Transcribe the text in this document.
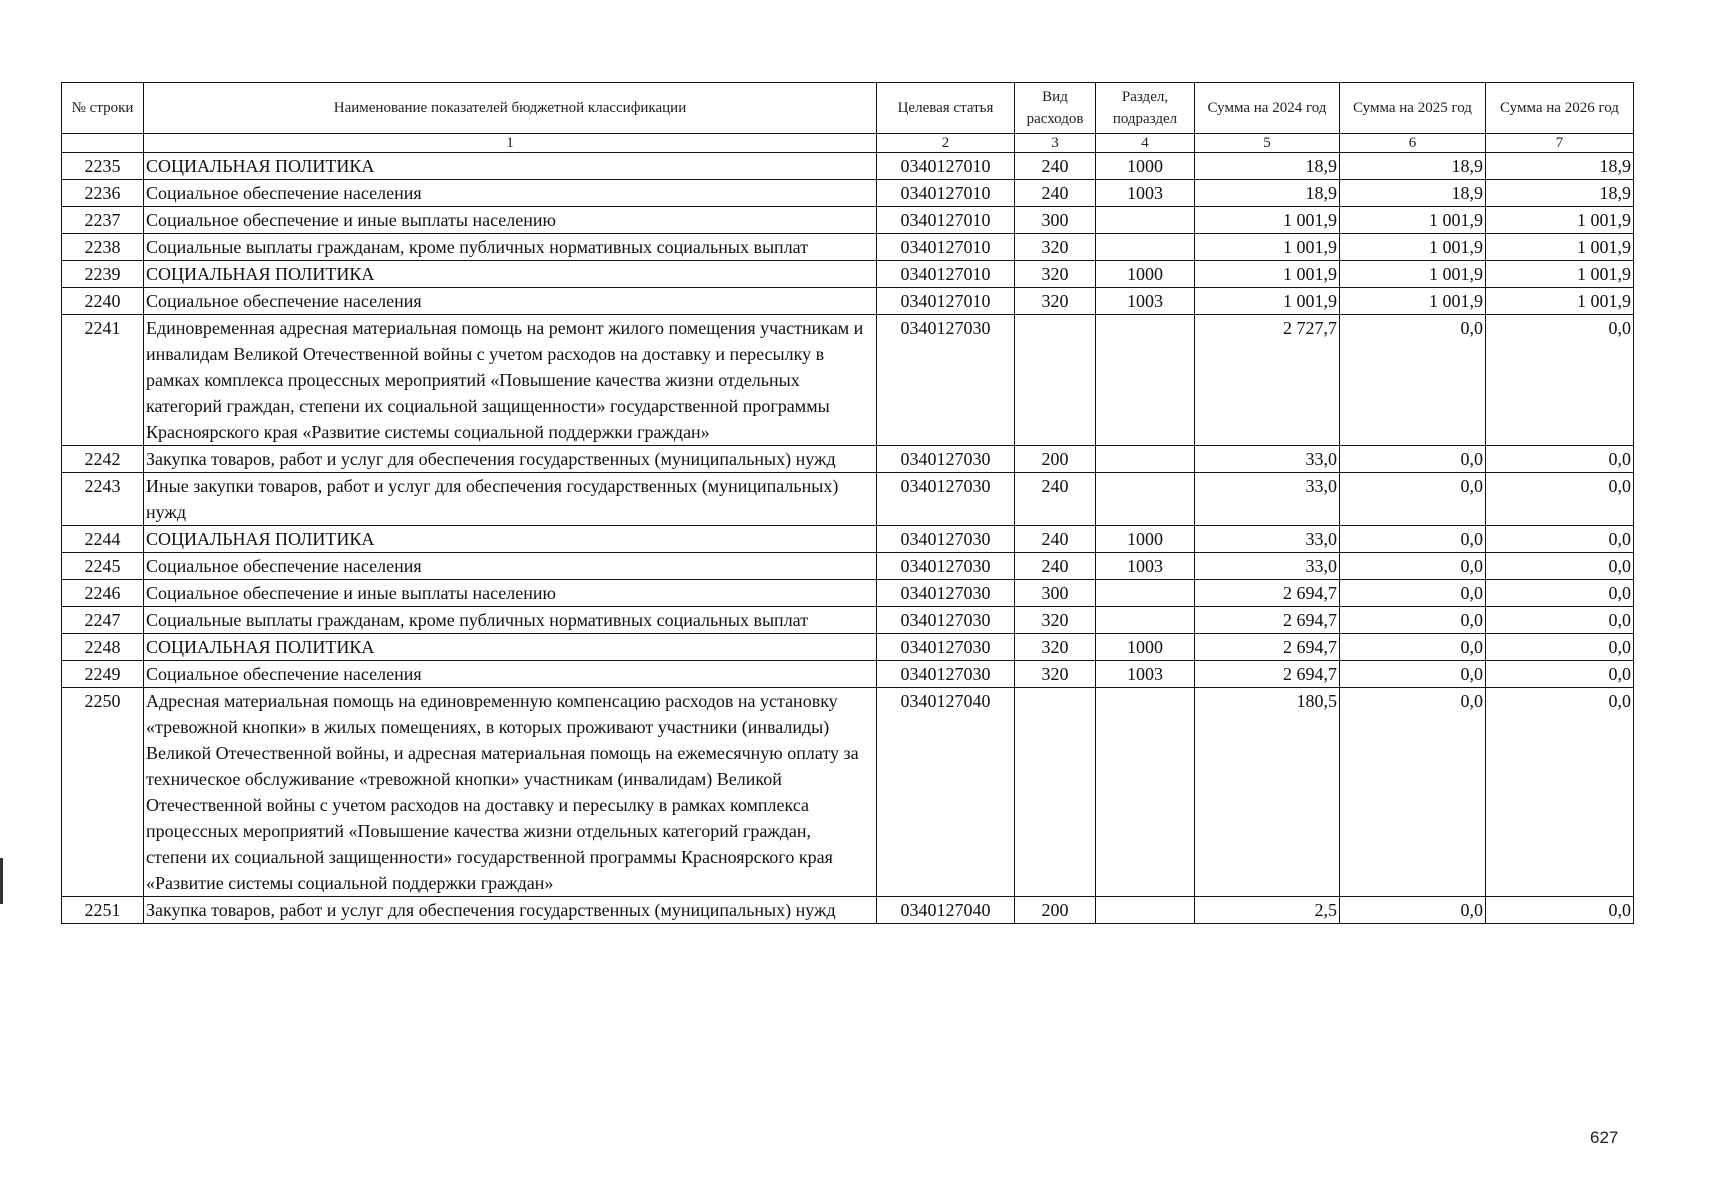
№ строки	Наименование показателей бюджетной классификации	Целевая статья	Вид расходов	Раздел, подраздел	Сумма на 2024 год	Сумма на 2025 год	Сумма на 2026 год
	1	2	3	4	5	6	7
2235	СОЦИАЛЬНАЯ ПОЛИТИКА	0340127010	240	1000	18,9	18,9	18,9
2236	Социальное обеспечение населения	0340127010	240	1003	18,9	18,9	18,9
2237	Социальное обеспечение и иные выплаты населению	0340127010	300		1 001,9	1 001,9	1 001,9
2238	Социальные выплаты гражданам, кроме публичных нормативных социальных выплат	0340127010	320		1 001,9	1 001,9	1 001,9
2239	СОЦИАЛЬНАЯ ПОЛИТИКА	0340127010	320	1000	1 001,9	1 001,9	1 001,9
2240	Социальное обеспечение населения	0340127010	320	1003	1 001,9	1 001,9	1 001,9
2241	Единовременная адресная материальная помощь на ремонт жилого помещения участникам и инвалидам Великой Отечественной войны с учетом расходов на доставку и пересылку в рамках комплекса процессных мероприятий «Повышение качества жизни отдельных категорий граждан, степени их социальной защищенности» государственной программы Красноярского края «Развитие системы социальной поддержки граждан»	0340127030			2 727,7	0,0	0,0
2242	Закупка товаров, работ и услуг для обеспечения государственных (муниципальных) нужд	0340127030	200		33,0	0,0	0,0
2243	Иные закупки товаров, работ и услуг для обеспечения государственных (муниципальных) нужд	0340127030	240		33,0	0,0	0,0
2244	СОЦИАЛЬНАЯ ПОЛИТИКА	0340127030	240	1000	33,0	0,0	0,0
2245	Социальное обеспечение населения	0340127030	240	1003	33,0	0,0	0,0
2246	Социальное обеспечение и иные выплаты населению	0340127030	300		2 694,7	0,0	0,0
2247	Социальные выплаты гражданам, кроме публичных нормативных социальных выплат	0340127030	320		2 694,7	0,0	0,0
2248	СОЦИАЛЬНАЯ ПОЛИТИКА	0340127030	320	1000	2 694,7	0,0	0,0
2249	Социальное обеспечение населения	0340127030	320	1003	2 694,7	0,0	0,0
2250	Адресная материальная помощь на единовременную компенсацию расходов на установку «тревожной кнопки» в жилых помещениях, в которых проживают участники (инвалиды) Великой Отечественной войны, и адресная материальная помощь на ежемесячную оплату за техническое обслуживание «тревожной кнопки» участникам (инвалидам) Великой Отечественной войны с учетом расходов на доставку и пересылку в рамках комплекса процессных мероприятий «Повышение качества жизни отдельных категорий граждан, степени их социальной защищенности» государственной программы Красноярского края «Развитие системы социальной поддержки граждан»	0340127040			180,5	0,0	0,0
2251	Закупка товаров, работ и услуг для обеспечения государственных (муниципальных) нужд	0340127040	200		2,5	0,0	0,0
627
